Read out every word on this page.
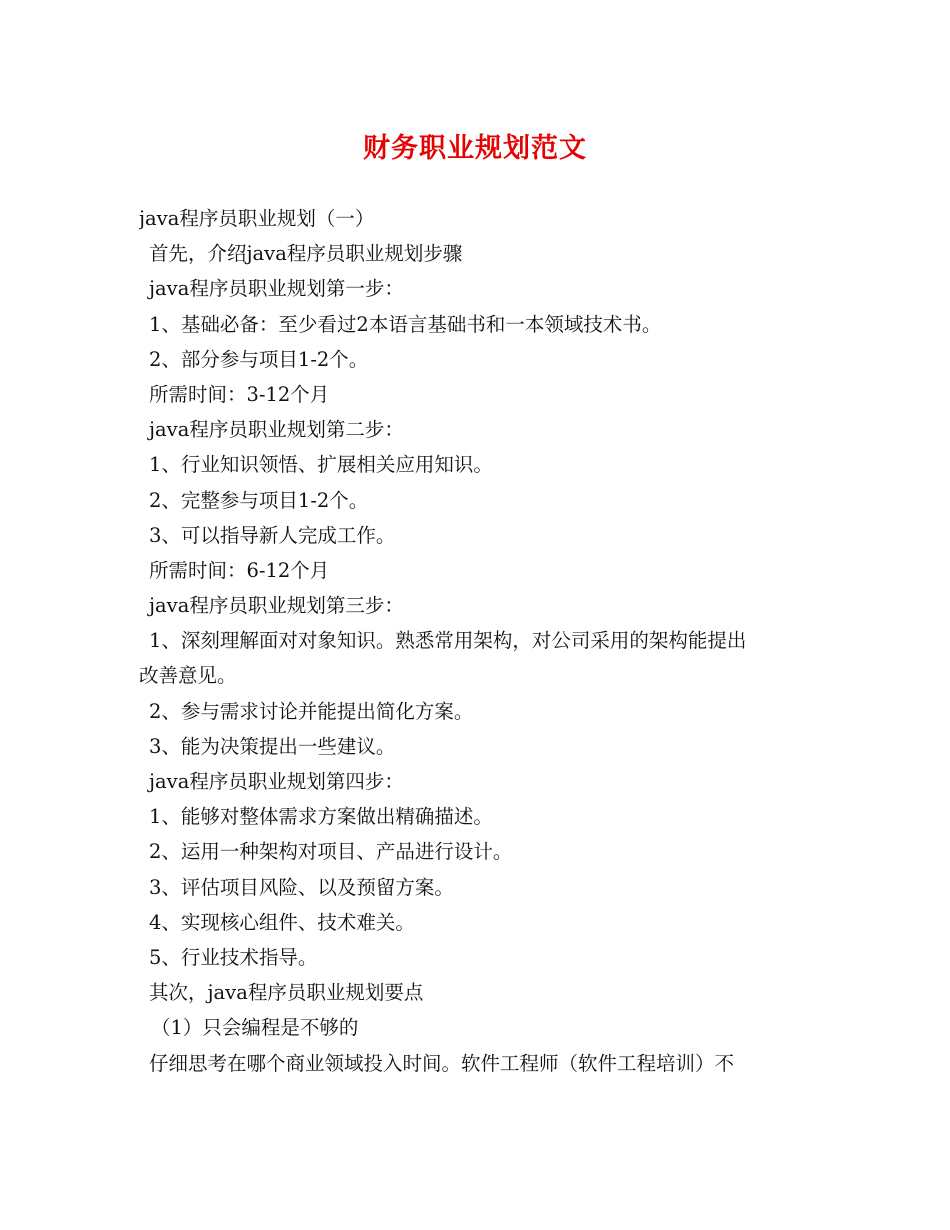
财务职业规划范文
java程序员职业规划（一）
首先，介绍java程序员职业规划步骤
java程序员职业规划第一步：
1、基础必备：至少看过2本语言基础书和一本领域技术书。
2、部分参与项目1-2个。
所需时间：3-12个月
java程序员职业规划第二步：
1、行业知识领悟、扩展相关应用知识。
2、完整参与项目1-2个。
3、可以指导新人完成工作。
所需时间：6-12个月
java程序员职业规划第三步：
1、深刻理解面对对象知识。熟悉常用架构，对公司采用的架构能提出
改善意见。
2、参与需求讨论并能提出简化方案。
3、能为决策提出一些建议。
java程序员职业规划第四步：
1、能够对整体需求方案做出精确描述。
2、运用一种架构对项目、产品进行设计。
3、评估项目风险、以及预留方案。
4、实现核心组件、技术难关。
5、行业技术指导。
其次，java程序员职业规划要点
（1）只会编程是不够的
仔细思考在哪个商业领域投入时间。软件工程师（软件工程培训）不
